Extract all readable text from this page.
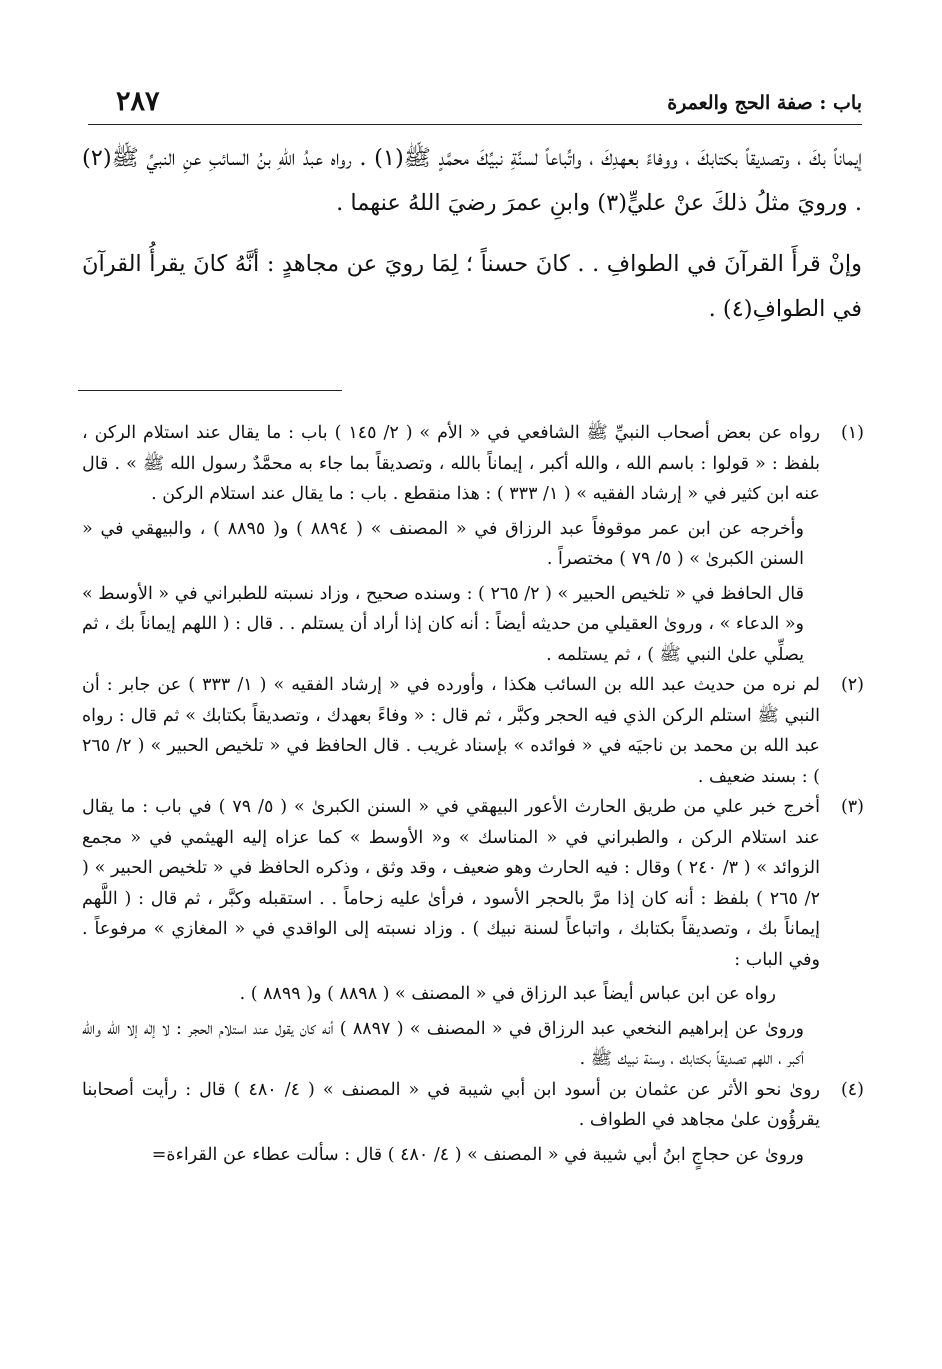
باب : صفة الحج والعمرة
٢٨٧

إيماناً بكَ ، وتصديقاً بكتابكَ ، ووفاءً بعهدِكَ ، واتِّباعاً لسنَّةِ نبيِّكَ محمَّدٍ ﷺ(١) . رواه عبدُ اللهِ بنُ السائبِ عنِ النبيِّ ﷺ(٢) . ورويَ مثلُ ذلكَ عنْ عليٍّ(٣) وابنِ عمرَ رضيَ اللهُ عنهما .

وإنْ قرأَ القرآنَ في الطوافِ . . كانَ حسناً ؛ لِمَا رويَ عن مجاهدٍ : أنَّهُ كانَ يقرأُ القرآنَ في الطوافِ(٤) .

(١)

رواه عن بعض أصحاب النبيِّ ﷺ الشافعي في « الأم » ( ٢/ ١٤٥ ) باب : ما يقال عند استلام الركن ، بلفظ : « قولوا : باسم الله ، والله أكبر ، إيماناً بالله ، وتصديقاً بما جاء به محمَّدٌ رسول الله ﷺ » . قال عنه ابن كثير في « إرشاد الفقيه » ( ١/ ٣٣٣ ) : هذا منقطع . باب : ما يقال عند استلام الركن .

وأخرجه عن ابن عمر موقوفاً عبد الرزاق في « المصنف » ( ٨٨٩٤ ) و( ٨٨٩٥ ) ، والبيهقي في « السنن الكبرىٰ » ( ٥/ ٧٩ ) مختصراً .

قال الحافظ في « تلخيص الحبير » ( ٢/ ٢٦٥ ) : وسنده صحيح ، وزاد نسبته للطبراني في « الأوسط » و« الدعاء » ، وروىٰ العقيلي من حديثه أيضاً : أنه كان إذا أراد أن يستلم . . قال : ( اللهم إيماناً بك ، ثم يصلِّي علىٰ النبي ﷺ ) ، ثم يستلمه .

(٢)

لم نره من حديث عبد الله بن السائب هكذا ، وأورده في « إرشاد الفقيه » ( ١/ ٣٣٣ ) عن جابر : أن النبي ﷺ استلم الركن الذي فيه الحجر وكبَّر ، ثم قال : « وفاءً بعهدك ، وتصديقاً بكتابك » ثم قال : رواه عبد الله بن محمد بن ناجيَه في « فوائده » بإسناد غريب . قال الحافظ في « تلخيص الحبير » ( ٢/ ٢٦٥ ) : بسند ضعيف .

(٣)

أخرج خبر علي من طريق الحارث الأعور البيهقي في « السنن الكبرىٰ » ( ٥/ ٧٩ ) في باب : ما يقال عند استلام الركن ، والطبراني في « المناسك » و« الأوسط » كما عزاه إليه الهيثمي في « مجمع الزوائد » ( ٣/ ٢٤٠ ) وقال : فيه الحارث وهو ضعيف ، وقد وثق ، وذكره الحافظ في « تلخيص الحبير » ( ٢/ ٢٦٥ ) بلفظ : أنه كان إذا مرَّ بالحجر الأسود ، فرأىٰ عليه زحاماً . . استقبله وكبَّر ، ثم قال : ( اللَّهم إيماناً بك ، وتصديقاً بكتابك ، واتباعاً لسنة نبيك ) . وزاد نسبته إلى الواقدي في « المغازي » مرفوعاً . وفي الباب :

رواه عن ابن عباس أيضاً عبد الرزاق في « المصنف » ( ٨٨٩٨ ) و( ٨٨٩٩ ) .

وروىٰ عن إبراهيم النخعي عبد الرزاق في « المصنف » ( ٨٨٩٧ ) أنه كان يقول عند استلام الحجر : لا إلٰه إلا الله والله أكبر ، اللهم تصديقاً بكتابك ، وسنة نبيك ﷺ .

(٤)

روىٰ نحو الأثر عن عثمان بن أسود ابن أبي شيبة في « المصنف » ( ٤/ ٤٨٠ ) قال : رأيت أصحابنا يقرؤُون علىٰ مجاهد في الطواف .

وروىٰ عن حجاجٍ ابنُ أبي شيبة في « المصنف » ( ٤/ ٤٨٠ ) قال : سألت عطاء عن القراءة=
